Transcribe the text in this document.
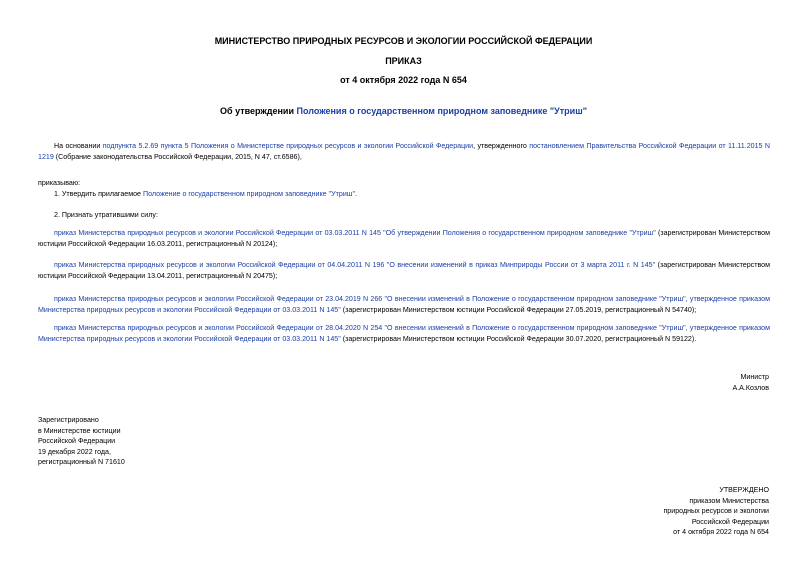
МИНИСТЕРСТВО ПРИРОДНЫХ РЕСУРСОВ И ЭКОЛОГИИ РОССИЙСКОЙ ФЕДЕРАЦИИ
ПРИКАЗ
от 4 октября 2022 года N 654
Об утверждении Положения о государственном природном заповеднике "Утриш"
На основании подпункта 5.2.69 пункта 5 Положения о Министерстве природных ресурсов и экологии Российской Федерации, утвержденного постановлением Правительства Российской Федерации от 11.11.2015 N 1219 (Собрание законодательства Российской Федерации, 2015, N 47, ст.6586),
приказываю:
1. Утвердить прилагаемое Положение о государственном природном заповеднике "Утриш".
2. Признать утратившими силу:
приказ Министерства природных ресурсов и экологии Российской Федерации от 03.03.2011 N 145 "Об утверждении Положения о государственном природном заповеднике "Утриш" (зарегистрирован Министерством юстиции Российской Федерации 16.03.2011, регистрационный N 20124);
приказ Министерства природных ресурсов и экологии Российской Федерации от 04.04.2011 N 196 "О внесении изменений в приказ Минприроды России от 3 марта 2011 г. N 145" (зарегистрирован Министерством юстиции Российской Федерации 13.04.2011, регистрационный N 20475);
приказ Министерства природных ресурсов и экологии Российской Федерации от 23.04.2019 N 266 "О внесении изменений в Положение о государственном природном заповеднике "Утриш", утвержденное приказом Министерства природных ресурсов и экологии Российской Федерации от 03.03.2011 N 145" (зарегистрирован Министерством юстиции Российской Федерации 27.05.2019, регистрационный N 54740);
приказ Министерства природных ресурсов и экологии Российской Федерации от 28.04.2020 N 254 "О внесении изменений в Положение о государственном природном заповеднике "Утриш", утвержденное приказом Министерства природных ресурсов и экологии Российской Федерации от 03.03.2011 N 145" (зарегистрирован Министерством юстиции Российской Федерации 30.07.2020, регистрационный N 59122).
Министр
А.А.Козлов
Зарегистрировано
в Министерстве юстиции
Российской Федерации
19 декабря 2022 года,
регистрационный N 71610
УТВЕРЖДЕНО
приказом Министерства
природных ресурсов и экологии
Российской Федерации
от 4 октября 2022 года N 654
